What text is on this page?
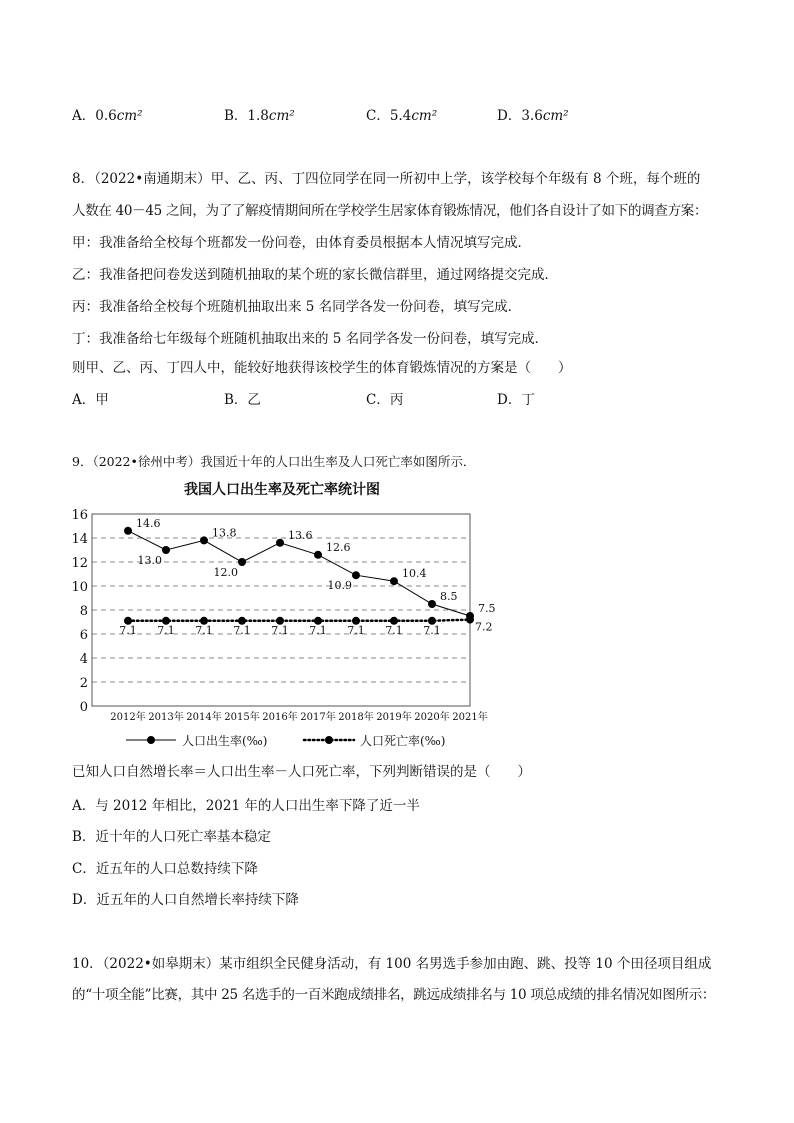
A．0.6cm²	B．1.8cm²	C．5.4cm²	D．3.6cm²
8．（2022•南通期末）甲、乙、丙、丁四位同学在同一所初中上学，该学校每个年级有 8 个班，每个班的
人数在 40－45 之间，为了了解疫情期间所在学校学生居家体育锻炼情况，他们各自设计了如下的调查方案：
甲：我准备给全校每个班都发一份问卷，由体育委员根据本人情况填写完成．
乙：我准备把问卷发送到随机抽取的某个班的家长微信群里，通过网络提交完成．
丙：我准备给全校每个班随机抽取出来 5 名同学各发一份问卷，填写完成．
丁：我准备给七年级每个班随机抽取出来的 5 名同学各发一份问卷，填写完成．
则甲、乙、丙、丁四人中，能较好地获得该校学生的体育锻炼情况的方案是（　　）
A．甲	B．乙	C．丙	D．丁
9．（2022•徐州中考）我国近十年的人口出生率及人口死亡率如图所示．
我国人口出生率及死亡率统计图
0
2
4
6
8
10
12
14
16
2012年 2013年 2014年 2015年 2016年 2017年 2018年 2019年 2020年 2021年
14.6
13.0
13.8
12.0
13.6
12.6
10.9
10.4
8.5
7.5
7.1 7.1 7.1 7.1 7.1 7.1 7.1 7.1 7.1	7.2
人口出生率(‰)	人口死亡率(‰)
已知人口自然增长率＝人口出生率－人口死亡率，下列判断错误的是（　　）
A．与 2012 年相比，2021 年的人口出生率下降了近一半
B．近十年的人口死亡率基本稳定
C．近五年的人口总数持续下降
D．近五年的人口自然增长率持续下降
10．（2022•如皋期末）某市组织全民健身活动，有 100 名男选手参加由跑、跳、投等 10 个田径项目组成
的“十项全能”比赛，其中 25 名选手的一百米跑成绩排名，跳远成绩排名与 10 项总成绩的排名情况如图所示：
